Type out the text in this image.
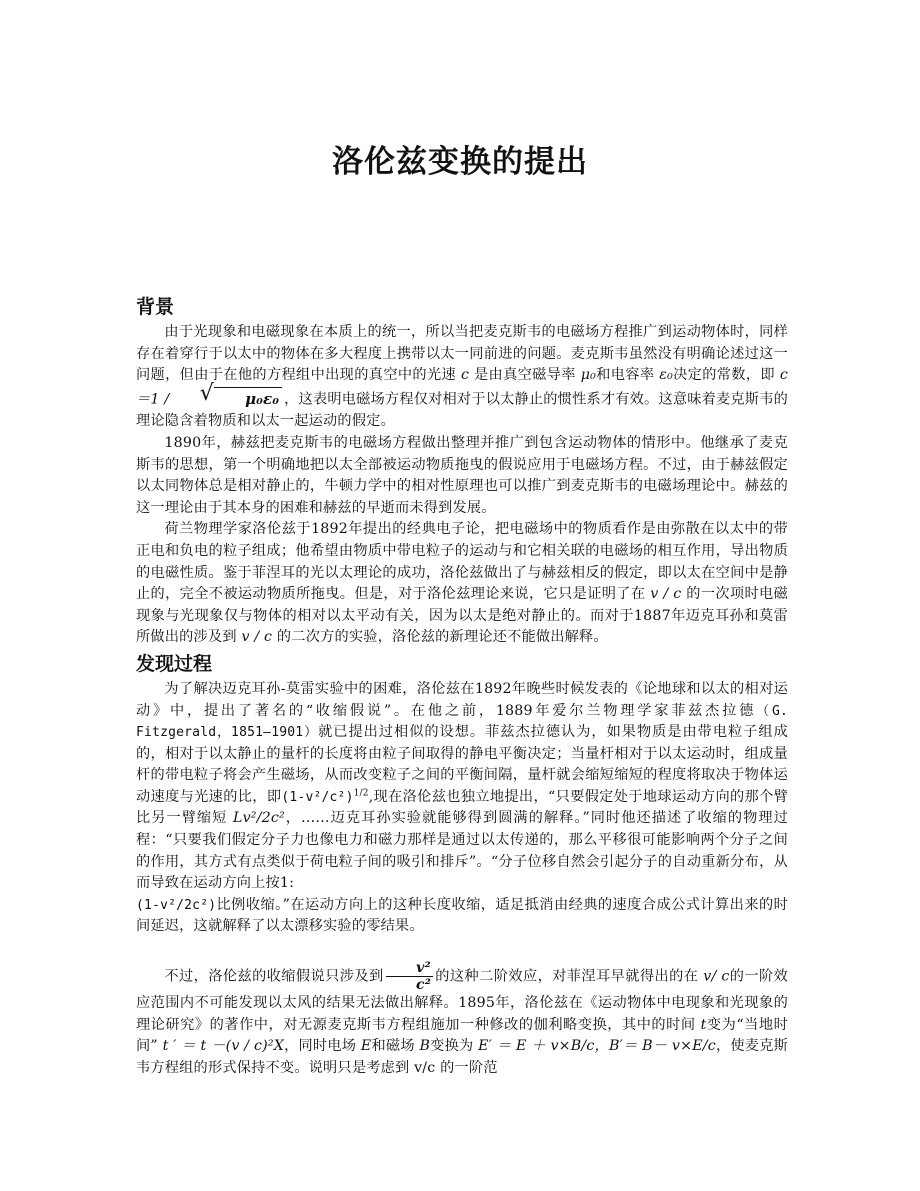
洛伦兹变换的提出
背景

由于光现象和电磁现象在本质上的统一，所以当把麦克斯韦的电磁场方程推广到运动物体时，同样存在着穿行于以太中的物体在多大程度上携带以太一同前进的问题。麦克斯韦虽然没有明确论述过这一问题，但由于在他的方程组中出现的真空中的光速 c 是由真空磁导率 μ₀和电容率 ε₀决定的常数，即 c ＝1 /	√ μ₀ε₀ ，这表明电磁场方程仅对相对于以太静止的惯性系才有效。这意味着麦克斯韦的理论隐含着物质和以太一起运动的假定。

1890年，赫兹把麦克斯韦的电磁场方程做出整理并推广到包含运动物体的情形中。他继承了麦克斯韦的思想，第一个明确地把以太全部被运动物质拖曳的假说应用于电磁场方程。不过，由于赫兹假定以太同物体总是相对静止的，牛顿力学中的相对性原理也可以推广到麦克斯韦的电磁场理论中。赫兹的这一理论由于其本身的困难和赫兹的早逝而未得到发展。

荷兰物理学家洛伦兹于1892年提出的经典电子论，把电磁场中的物质看作是由弥散在以太中的带正电和负电的粒子组成；他希望由物质中带电粒子的运动与和它相关联的电磁场的相互作用，导出物质的电磁性质。鉴于菲涅耳的光以太理论的成功，洛伦兹做出了与赫兹相反的假定，即以太在空间中是静止的，完全不被运动物质所拖曳。但是，对于洛伦兹理论来说，它只是证明了在 v / c 的一次项时电磁现象与光现象仅与物体的相对以太平动有关，因为以太是绝对静止的。而对于1887年迈克耳孙和莫雷所做出的涉及到 v / c 的二次方的实验，洛伦兹的新理论还不能做出解释。

发现过程

为了解决迈克耳孙-莫雷实验中的困难，洛伦兹在1892年晚些时候发表的《论地球和以太的相对运动》中，提出了著名的“收缩假说”。在他之前，1889年爱尔兰物理学家菲兹杰拉德（G. Fitzgerald，1851—1901）就已提出过相似的设想。菲兹杰拉德认为，如果物质是由带电粒子组成的，相对于以太静止的量杆的长度将由粒子间取得的静电平衡决定；当量杆相对于以太运动时，组成量杆的带电粒子将会产生磁场，从而改变粒子之间的平衡间隔，量杆就会缩短缩短的程度将取决于物体运动速度与光速的比，即$(1-v^2/c^2)^{1/2}$,现在洛伦兹也独立地提出，“只要假定处于地球运动方向的那个臂比另一臂缩短 Lv²/2c²，……迈克耳孙实验就能够得到圆满的解释。”同时他还描述了收缩的物理过程：“只要我们假定分子力也像电力和磁力那样是通过以太传递的，那么平移很可能影响两个分子之间的作用，其方式有点类似于荷电粒子间的吸引和排斥”。“分子位移自然会引起分子的自动重新分布，从而导致在运动方向上按1:
(1-v²/2c²)比例收缩。”在运动方向上的这种长度收缩，适足抵消由经典的速度合成公式计算出来的时间延迟，这就解释了以太漂移实验的零结果。

不过，洛伦兹的收缩假说只涉及到 $\frac{\text{v²}}{\text{c²}}$ 的这种二阶效应，对菲涅耳早就得出的在 v/ c的一阶效应范围内不可能发现以太风的结果无法做出解释。1895年，洛伦兹在《运动物体中电现象和光现象的理论研究》的著作中，对无源麦克斯韦方程组施加一种修改的伽利略变换，其中的时间 t变为“当地时间” t ′ ＝ t －(v / c)²X，同时电场 E和磁场 B变换为 E′ ＝ E ＋ v×B/c，B′＝ B－ v×E/c，使麦克斯韦方程组的形式保持不变。说明只是考虑到 v/c 的一阶范
